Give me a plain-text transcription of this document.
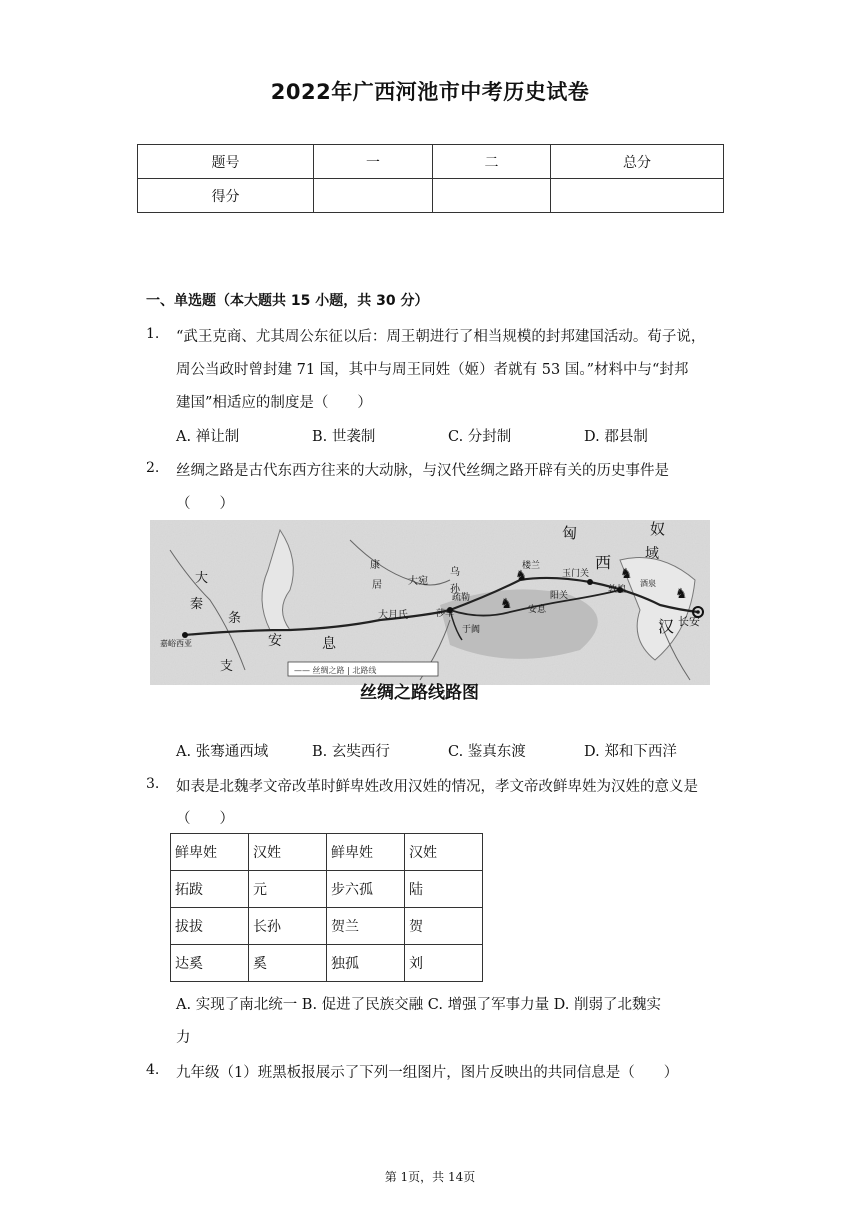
2022年广西河池市中考历史试卷
题号	一	二	总分
得分			
一、单选题（本大题共 15 小题，共 30 分）
1. “武王克商、尤其周公东征以后：周王朝进行了相当规模的封邦建国活动。荀子说，
周公当政时曾封建 71 国，其中与周王同姓（姬）者就有 53 国。”材料中与“封邦
建国”相适应的制度是（　　）
A. 禅让制	B. 世袭制	C. 分封制	D. 郡县制
2. 丝绸之路是古代东西方往来的大动脉，与汉代丝绸之路开辟有关的历史事件是
（　　）
♞
♞
♞
♞
匈	奴
西 域
汉 长安
大
秦
条
安	息
大宛
康
居
乌
孙
楼兰
玉门关
敦煌
阳关
酒泉
疏勒
莎车
于阗
大月氏	安息
嘉峪西亚
支	—— 丝绸之路 | 北路线
丝绸之路线路图
A. 张骞通西域	B. 玄奘西行	C. 鉴真东渡	D. 郑和下西洋
3. 如表是北魏孝文帝改革时鲜卑姓改用汉姓的情况，孝文帝改鲜卑姓为汉姓的意义是
（　　）
鲜卑姓	汉姓	鲜卑姓	汉姓
拓跋	元	步六孤	陆
拔拔	长孙	贺兰	贺
达奚	奚	独孤	刘
A. 实现了南北统一 B. 促进了民族交融 C. 增强了军事力量 D. 削弱了北魏实
力
4. 九年级（1）班黑板报展示了下列一组图片，图片反映出的共同信息是（　　）
第 1页，共 14页
